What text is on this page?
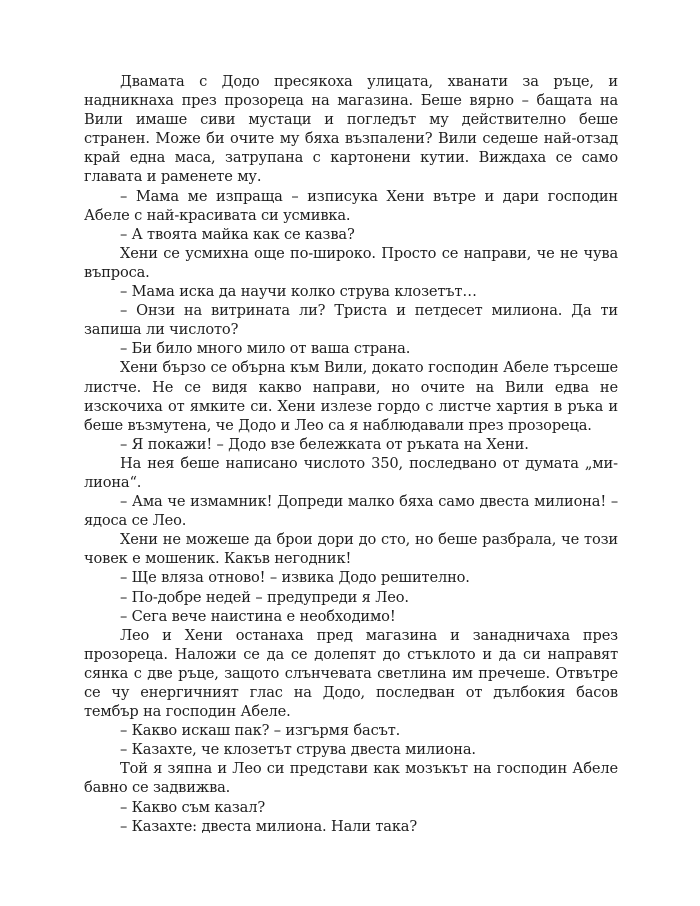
Двамата с Додо пресякоха улицата, хванати за ръце, и надникнаха през прозореца на магазина. Беше вярно – бащата на Вили имаше сиви мустаци и погледът му действително беше странен. Може би очите му бяха възпалени? Вили седеше най-отзад край една маса, затрупана с картонени кутии. Виждаха се само главата и раменете му.

– Мама ме изпраща – изписука Хени вътре и дари господин Абеле с най-красивата си усмивка.

– А твоята майка как се казва?

Хени се усмихна още по-широко. Просто се направи, че не чува въпроса.

– Мама иска да научи колко струва клозетът…

– Онзи на витрината ли? Триста и петдесет милиона. Да ти запиша ли числото?

– Би било много мило от ваша страна.

Хени бързо се обърна към Вили, докато господин Абеле търсеше листче. Не се видя какво направи, но очите на Вили едва не изскочиха от ямките си. Хени излезе гордо с листче хартия в ръка и беше възмутена, че Додо и Лео са я наблюдавали през прозореца.

– Я покажи! – Додо взе бележката от ръката на Хени.

На нея беше написано числото 350, последвано от думата „милиона“.

– Ама че измамник! Допреди малко бяха само двеста милиона! – ядоса се Лео.

Хени не можеше да брои дори до сто, но беше разбрала, че този човек е мошеник. Какъв негодник!

– Ще вляза отново! – извика Додо решително.

– По-добре недей – предупреди я Лео.

– Сега вече наистина е необходимо!

Лео и Хени останаха пред магазина и занадничаха през прозореца. Наложи се да се долепят до стъклото и да си направят сянка с две ръце, защото слънчевата светлина им пречеше. Отвътре се чу енергичният глас на Додо, последван от дълбокия басов тембър на господин Абеле.

– Какво искаш пак? – изгърмя басът.

– Казахте, че клозетът струва двеста милиона.

Той я зяпна и Лео си представи как мозъкът на господин Абеле бавно се задвижва.

– Какво съм казал?

– Казахте: двеста милиона. Нали така?
